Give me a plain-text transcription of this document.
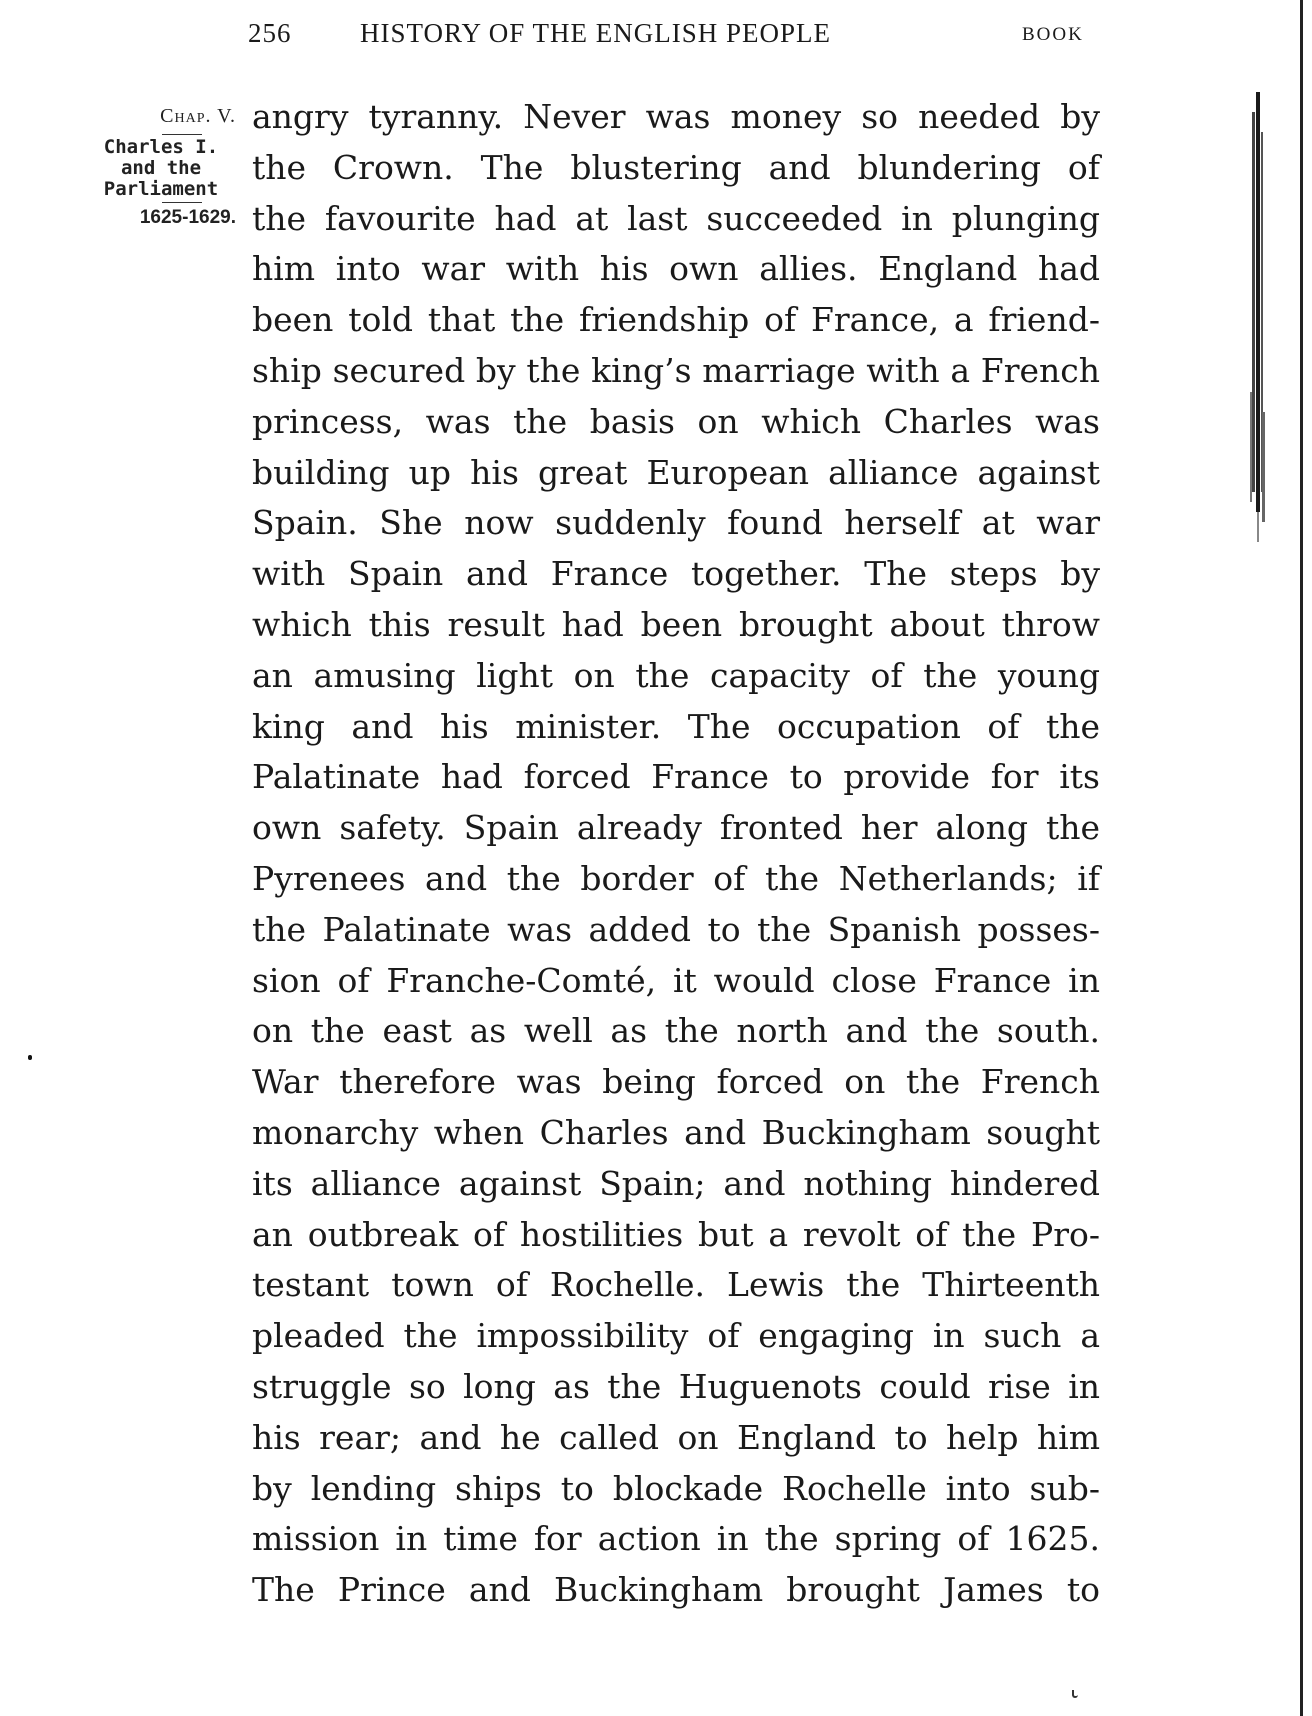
256	HISTORY OF THE ENGLISH PEOPLE	BOOK
Chap. V.
Charles I.
and the
Parliament
1625-1629.
angry tyranny. Never was money so needed by
the Crown. The blustering and blundering of
the favourite had at last succeeded in plunging
him into war with his own allies. England had
been told that the friendship of France, a friend-
ship secured by the king’s marriage with a French
princess, was the basis on which Charles was
building up his great European alliance against
Spain. She now suddenly found herself at war
with Spain and France together. The steps by
which this result had been brought about throw
an amusing light on the capacity of the young
king and his minister. The occupation of the
Palatinate had forced France to provide for its
own safety. Spain already fronted her along the
Pyrenees and the border of the Netherlands; if
the Palatinate was added to the Spanish posses-
sion of Franche-Comté, it would close France in
on the east as well as the north and the south.
War therefore was being forced on the French
monarchy when Charles and Buckingham sought
its alliance against Spain; and nothing hindered
an outbreak of hostilities but a revolt of the Pro-
testant town of Rochelle. Lewis the Thirteenth
pleaded the impossibility of engaging in such a
struggle so long as the Huguenots could rise in
his rear; and he called on England to help him
by lending ships to blockade Rochelle into sub-
mission in time for action in the spring of 1625.
The Prince and Buckingham brought James to
